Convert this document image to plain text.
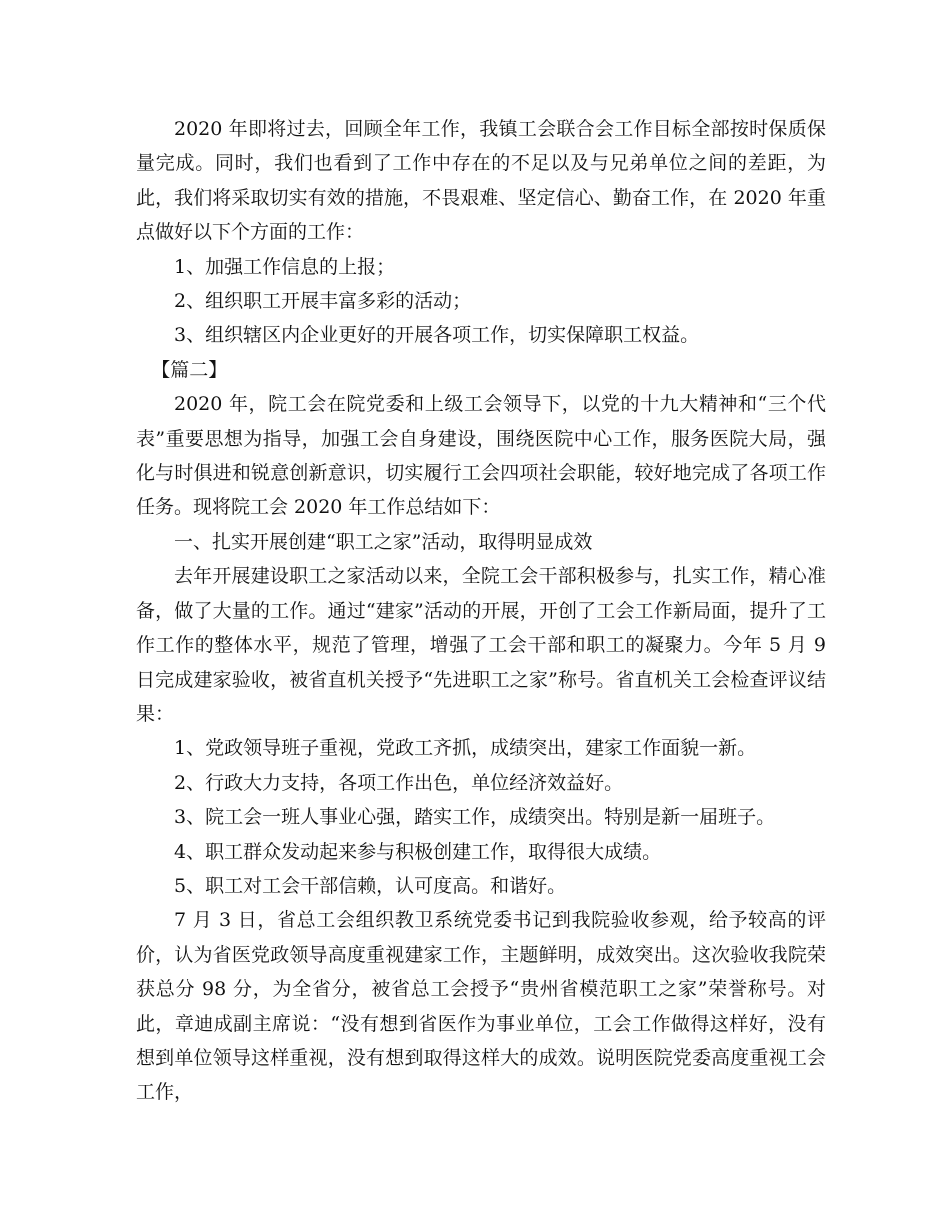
2020 年即将过去，回顾全年工作，我镇工会联合会工作目标全部按时保质保量完成。同时，我们也看到了工作中存在的不足以及与兄弟单位之间的差距，为此，我们将采取切实有效的措施，不畏艰难、坚定信心、勤奋工作，在 2020 年重点做好以下个方面的工作：

1、加强工作信息的上报；

2、组织职工开展丰富多彩的活动；

3、组织辖区内企业更好的开展各项工作，切实保障职工权益。

【篇二】

2020 年，院工会在院党委和上级工会领导下，以党的十九大精神和“三个代表”重要思想为指导，加强工会自身建设，围绕医院中心工作，服务医院大局，强化与时俱进和锐意创新意识，切实履行工会四项社会职能，较好地完成了各项工作任务。现将院工会 2020 年工作总结如下：

一、扎实开展创建“职工之家”活动，取得明显成效

去年开展建设职工之家活动以来，全院工会干部积极参与，扎实工作，精心准备，做了大量的工作。通过“建家”活动的开展，开创了工会工作新局面，提升了工作工作的整体水平，规范了管理，增强了工会干部和职工的凝聚力。今年 5 月 9 日完成建家验收，被省直机关授予“先进职工之家”称号。省直机关工会检查评议结果：

1、党政领导班子重视，党政工齐抓，成绩突出，建家工作面貌一新。

2、行政大力支持，各项工作出色，单位经济效益好。

3、院工会一班人事业心强，踏实工作，成绩突出。特别是新一届班子。

4、职工群众发动起来参与积极创建工作，取得很大成绩。

5、职工对工会干部信赖，认可度高。和谐好。

7 月 3 日，省总工会组织教卫系统党委书记到我院验收参观，给予较高的评价，认为省医党政领导高度重视建家工作，主题鲜明，成效突出。这次验收我院荣获总分 98 分，为全省分，被省总工会授予“贵州省模范职工之家”荣誉称号。对此，章迪成副主席说：“没有想到省医作为事业单位，工会工作做得这样好，没有想到单位领导这样重视，没有想到取得这样大的成效。说明医院党委高度重视工会工作，
